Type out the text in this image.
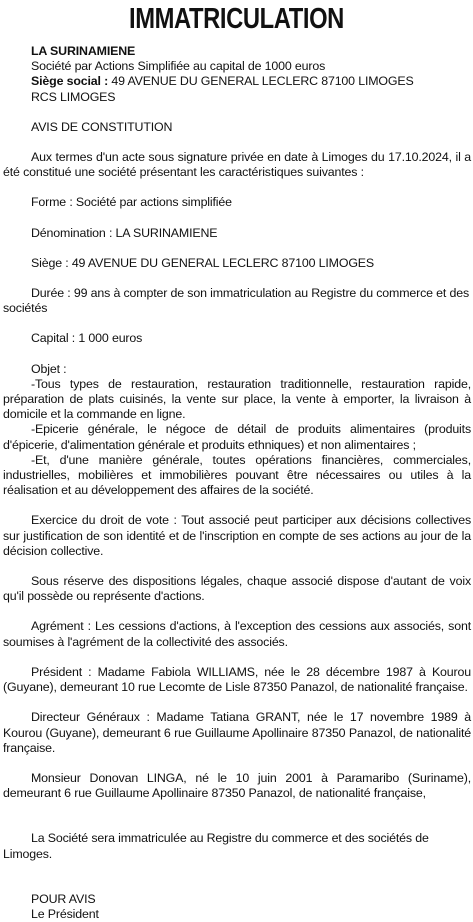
IMMATRICULATION

LA SURINAMIENE

Société par Actions Simplifiée au capital de 1000 euros

Siège social : 49 AVENUE DU GENERAL LECLERC 87100 LIMOGES

RCS LIMOGES

AVIS DE CONSTITUTION

Aux termes d'un acte sous signature privée en date à Limoges du 17.10.2024, il a été constitué une société présentant les caractéristiques suivantes :

Forme : Société par actions simplifiée

Dénomination : LA SURINAMIENE

Siège : 49 AVENUE DU GENERAL LECLERC 87100 LIMOGES

Durée : 99 ans à compter de son immatriculation au Registre du commerce et des sociétés

Capital : 1 000 euros

Objet :

-Tous types de restauration, restauration traditionnelle, restauration rapide, préparation de plats cuisinés, la vente sur place, la vente à emporter, la livraison à domicile et la commande en ligne.

-Epicerie générale, le négoce de détail de produits alimentaires (produits d'épicerie, d'alimentation générale et produits ethniques) et non alimentaires ;

-Et, d'une manière générale, toutes opérations financières, commerciales, industrielles, mobilières et immobilières pouvant être nécessaires ou utiles à la réalisation et au développement des affaires de la société.

Exercice du droit de vote : Tout associé peut participer aux décisions collectives sur justification de son identité et de l'inscription en compte de ses actions au jour de la décision collective.

Sous réserve des dispositions légales, chaque associé dispose d'autant de voix qu'il possède ou représente d'actions.

Agrément : Les cessions d'actions, à l'exception des cessions aux associés, sont soumises à l'agrément de la collectivité des associés.

Président : Madame Fabiola WILLIAMS, née le 28 décembre 1987 à Kourou (Guyane), demeurant 10 rue Lecomte de Lisle 87350 Panazol, de nationalité française.

Directeur Généraux : Madame Tatiana GRANT, née le 17 novembre 1989 à Kourou (Guyane), demeurant 6 rue Guillaume Apollinaire 87350 Panazol, de nationalité française.

Monsieur Donovan LINGA, né le 10 juin 2001 à Paramaribo (Suriname), demeurant 6 rue Guillaume Apollinaire 87350 Panazol, de nationalité française,

La Société sera immatriculée au Registre du commerce et des sociétés de Limoges.

POUR AVIS

Le Président
